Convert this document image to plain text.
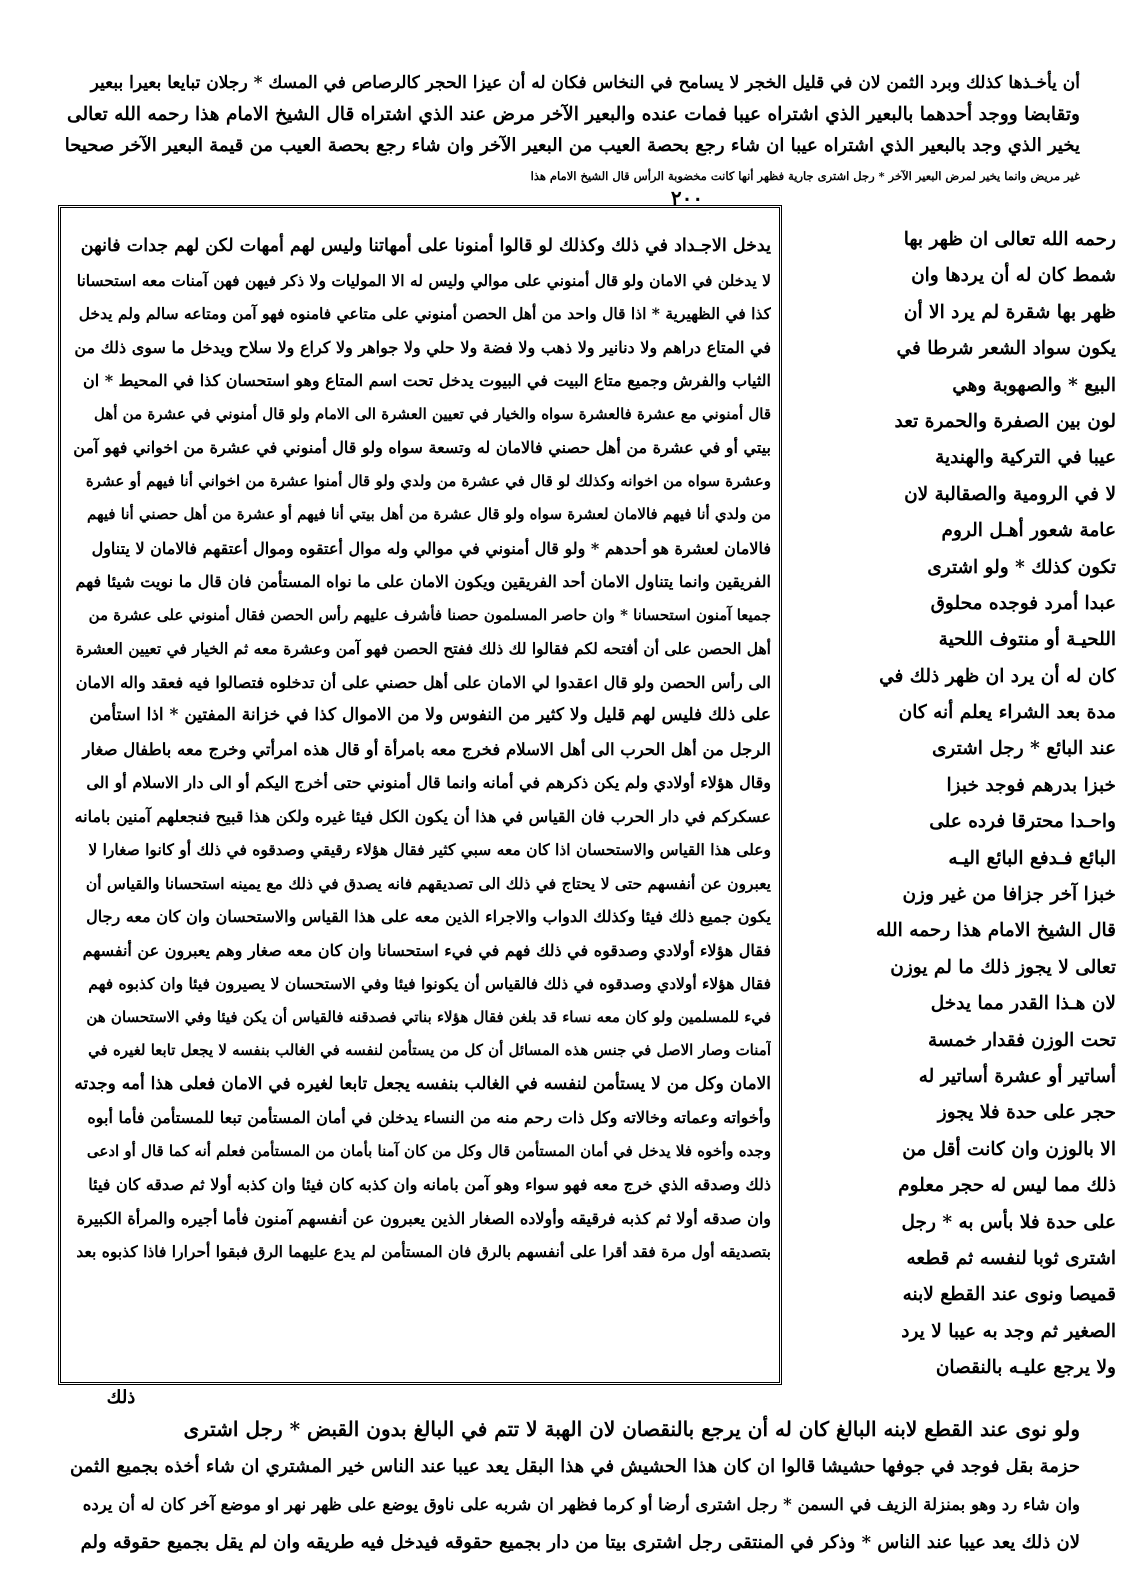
أن يأخـذها كذلك وبرد الثمن لان في قليل الخجر لا يسامح في النخاس فكان له أن عيزا الحجر كالرصاص في المسك * رجلان تبايعا بعيرا ببعير
وتقابضا ووجد أحدهما بالبعير الذي اشتراه عيبا فمات عنده والبعير الآخر مرض عند الذي اشتراه قال الشيخ الامام هذا رحمه الله تعالى
يخير الذي وجد بالبعير الذي اشتراه عيبا ان شاء رجع بحصة العيب من البعير الآخر وان شاء رجع بحصة العيب من قيمة البعير الآخر صحيحا
غير مريض وانما يخير لمرض البعير الآخر * رجل اشترى جارية فظهر أنها كانت مخضوبة الرأس قال الشيخ الامام هذا
٢٠٠
يدخل الاجـداد في ذلك وكذلك لو قالوا أمنونا على أمهاتنا وليس لهم أمهات لكن لهم جدات فانهن
لا يدخلن في الامان ولو قال أمنوني على موالي وليس له الا الموليات ولا ذكر فيهن فهن آمنات معه استحسانا
كذا في الظهيرية * اذا قال واحد من أهل الحصن أمنوني على متاعي فامنوه فهو آمن ومتاعه سالم ولم يدخل
في المتاع دراهم ولا دنانير ولا ذهب ولا فضة ولا حلي ولا جواهر ولا كراع ولا سلاح ويدخل ما سوى ذلك من
الثياب والفرش وجميع متاع البيت في البيوت يدخل تحت اسم المتاع وهو استحسان كذا في المحيط * ان
قال أمنوني مع عشرة فالعشرة سواه والخيار في تعيين العشرة الى الامام ولو قال أمنوني في عشرة من أهل
بيتي أو في عشرة من أهل حصني فالامان له وتسعة سواه ولو قال أمنوني في عشرة من اخواني فهو آمن
وعشرة سواه من اخوانه وكذلك لو قال في عشرة من ولدي ولو قال أمنوا عشرة من اخواني أنا فيهم أو عشرة
من ولدي أنا فيهم فالامان لعشرة سواه ولو قال عشرة من أهل بيتي أنا فيهم أو عشرة من أهل حصني أنا فيهم
فالامان لعشرة هو أحدهم * ولو قال أمنوني في موالي وله موال أعتقوه وموال أعتقهم فالامان لا يتناول
الفريقين وانما يتناول الامان أحد الفريقين ويكون الامان على ما نواه المستأمن فان قال ما نويت شيئا فهم
جميعا آمنون استحسانا * وان حاصر المسلمون حصنا فأشرف عليهم رأس الحصن فقال أمنوني على عشرة من
أهل الحصن على أن أفتحه لكم فقالوا لك ذلك ففتح الحصن فهو آمن وعشرة معه ثم الخيار في تعيين العشرة
الى رأس الحصن ولو قال اعقدوا لي الامان على أهل حصني على أن تدخلوه فتصالوا فيه فعقد واله الامان
على ذلك فليس لهم قليل ولا كثير من النفوس ولا من الاموال كذا في خزانة المفتين * اذا استأمن
الرجل من أهل الحرب الى أهل الاسلام فخرج معه بامرأة أو قال هذه امرأتي وخرج معه باطفال صغار
وقال هؤلاء أولادي ولم يكن ذكرهم في أمانه وانما قال أمنوني حتى أخرج اليكم أو الى دار الاسلام أو الى
عسكركم في دار الحرب فان القياس في هذا أن يكون الكل فيئا غيره ولكن هذا قبيح فنجعلهم آمنين بامانه
وعلى هذا القياس والاستحسان اذا كان معه سبي كثير فقال هؤلاء رقيقي وصدقوه في ذلك أو كانوا صغارا لا
يعبرون عن أنفسهم حتى لا يحتاج في ذلك الى تصديقهم فانه يصدق في ذلك مع يمينه استحسانا والقياس أن
يكون جميع ذلك فيئا وكذلك الدواب والاجراء الذين معه على هذا القياس والاستحسان وان كان معه رجال
فقال هؤلاء أولادي وصدقوه في ذلك فهم في فيء استحسانا وان كان معه صغار وهم يعبرون عن أنفسهم
فقال هؤلاء أولادي وصدقوه في ذلك فالقياس أن يكونوا فيئا وفي الاستحسان لا يصيرون فيئا وان كذبوه فهم
فيء للمسلمين ولو كان معه نساء قد بلغن فقال هؤلاء بناتي فصدقنه فالقياس أن يكن فيئا وفي الاستحسان هن
آمنات وصار الاصل في جنس هذه المسائل أن كل من يستأمن لنفسه في الغالب بنفسه لا يجعل تابعا لغيره في
الامان وكل من لا يستأمن لنفسه في الغالب بنفسه يجعل تابعا لغيره في الامان فعلى هذا أمه وجدته
وأخواته وعماته وخالاته وكل ذات رحم منه من النساء يدخلن في أمان المستأمن تبعا للمستأمن فأما أبوه
وجده وأخوه فلا يدخل في أمان المستأمن قال وكل من كان آمنا بأمان من المستأمن فعلم أنه كما قال أو ادعى
ذلك وصدقه الذي خرج معه فهو سواء وهو آمن بامانه وان كذبه كان فيئا وان كذبه أولا ثم صدقه كان فيئا
وان صدقه أولا ثم كذبه فرقيقه وأولاده الصغار الذين يعبرون عن أنفسهم آمنون فأما أجيره والمرأة الكبيرة
بتصديقه أول مرة فقد أقرا على أنفسهم بالرق فان المستأمن لم يدع عليهما الرق فبقوا أحرارا فاذا كذبوه بعد
رحمه الله تعالى ان ظهر بها
شمط كان له أن يردها وان
ظهر بها شقرة لم يرد الا أن
يكون سواد الشعر شرطا في
البيع * والصهوبة وهي
لون بين الصفرة والحمرة تعد
عيبا في التركية والهندية
لا في الرومية والصقالبة لان
عامة شعور أهـل الروم
تكون كذلك * ولو اشترى
عبدا أمرد فوجده محلوق
اللحيـة أو منتوف اللحية
كان له أن يرد ان ظهر ذلك في
مدة بعد الشراء يعلم أنه كان
عند البائع * رجل اشترى
خبزا بدرهم فوجد خبزا
واحـدا محترقا فرده على
البائع فـدفع البائع اليـه
خبزا آخر جزافا من غير وزن
قال الشيخ الامام هذا رحمه الله
تعالى لا يجوز ذلك ما لم يوزن
لان هـذا القدر مما يدخل
تحت الوزن فقدار خمسة
أساتير أو عشرة أساتير له
حجر على حدة فلا يجوز
الا بالوزن وان كانت أقل من
ذلك مما ليس له حجر معلوم
على حدة فلا بأس به * رجل
اشترى ثوبا لنفسه ثم قطعه
قميصا ونوى عند القطع لابنه
الصغير ثم وجد به عيبا لا يرد
ولا يرجع عليـه بالنقصان
ذلك
ولو نوى عند القطع لابنه البالغ كان له أن يرجع بالنقصان لان الهبة لا تتم في البالغ بدون القبض * رجل اشترى
حزمة بقل فوجد في جوفها حشيشا قالوا ان كان هذا الحشيش في هذا البقل يعد عيبا عند الناس خير المشتري ان شاء أخذه بجميع الثمن
وان شاء رد وهو بمنزلة الزيف في السمن * رجل اشترى أرضا أو كرما فظهر ان شربه على ناوق يوضع على ظهر نهر او موضع آخر كان له أن يرده
لان ذلك يعد عيبا عند الناس * وذكر في المنتقى رجل اشترى بيتا من دار بجميع حقوقه فيدخل فيه طريقه وان لم يقل بجميع حقوقه ولم
